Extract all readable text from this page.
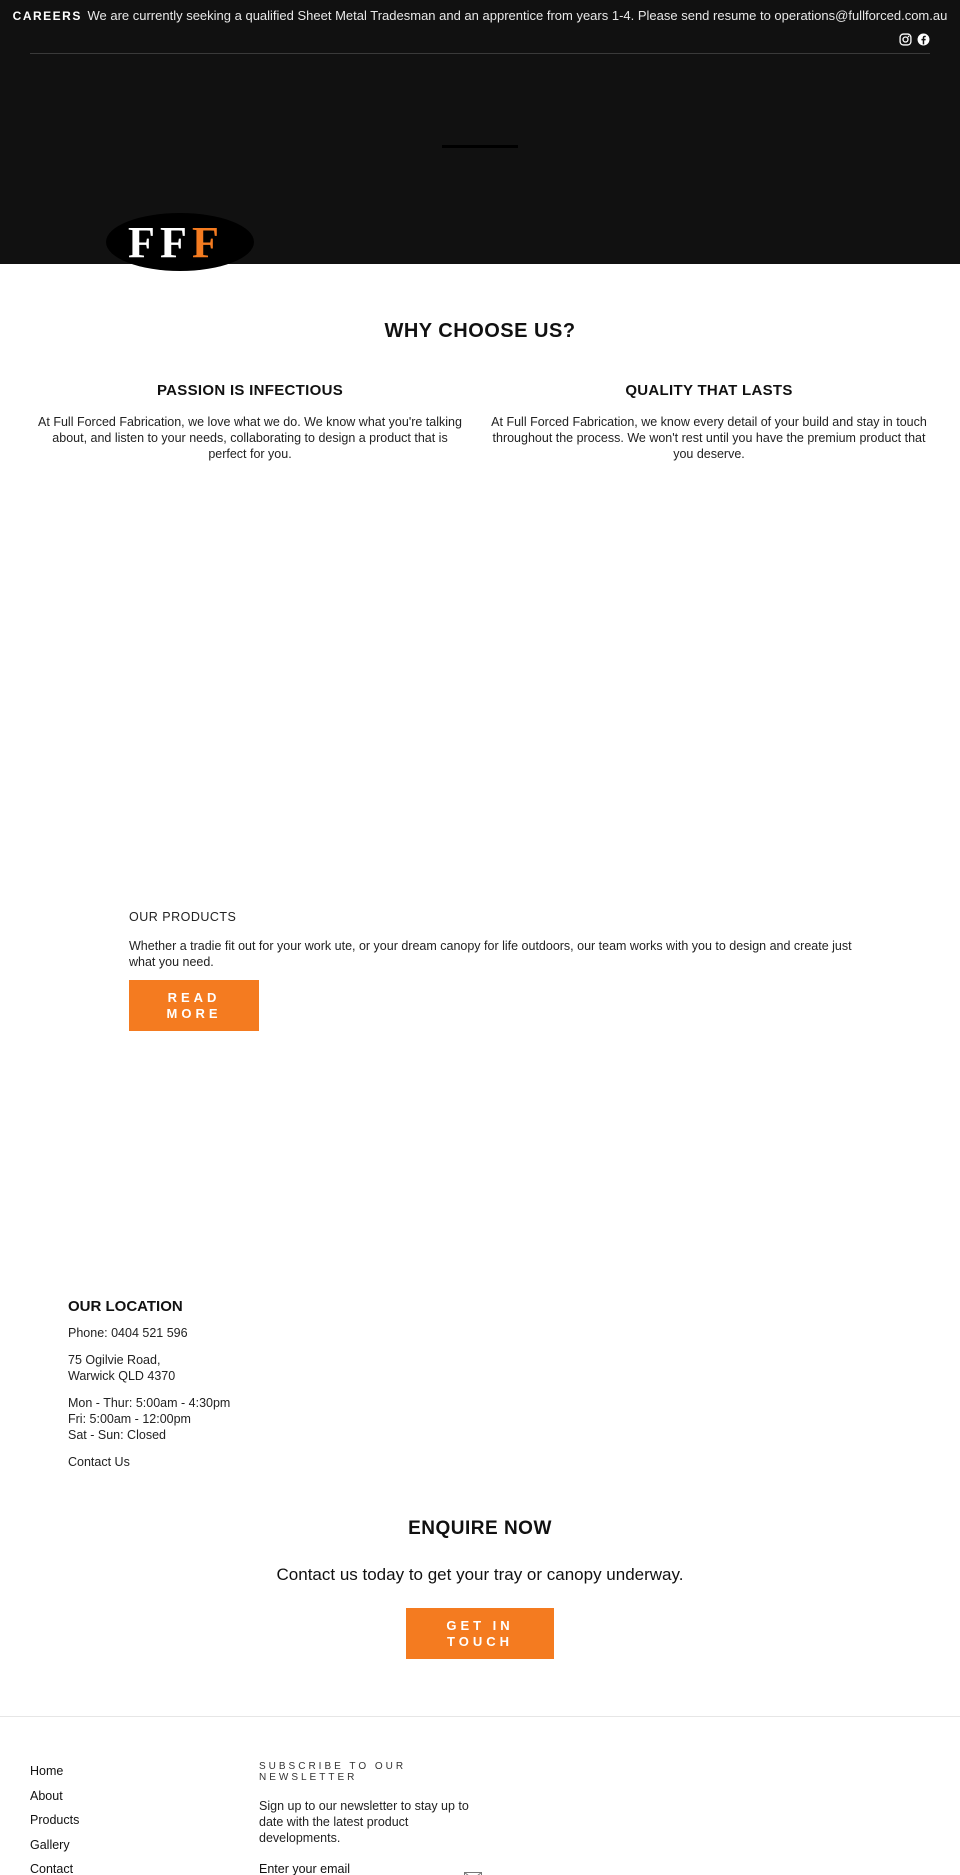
CAREERS We are currently seeking a qualified Sheet Metal Tradesman and an apprentice from years 1-4. Please send resume to operations@fullforced.com.au
F F F
WHY CHOOSE US?
PASSION IS INFECTIOUS

At Full Forced Fabrication, we love what we do. We know what you're talking about, and listen to your needs, collaborating to design a product that is perfect for you.

QUALITY THAT LASTS

At Full Forced Fabrication, we know every detail of your build and stay in touch throughout the process. We won't rest until you have the premium product that you deserve.

OUR PRODUCTS

Whether a tradie fit out for your work ute, or your dream canopy for life outdoors, our team works with you to design and create just what you need.

READ MORE
OUR LOCATION

Phone: 0404 521 596

75 Ogilvie Road,
Warwick QLD 4370

Mon - Thur: 5:00am - 4:30pm
Fri: 5:00am - 12:00pm
Sat - Sun: Closed

Contact Us

ENQUIRE NOW
Contact us today to get your tray or canopy underway.
GET IN TOUCH
Home
About
Products
Gallery
Contact
SUBSCRIBE TO OUR NEWSLETTER
Sign up to our newsletter to stay up to date with the latest product developments.
Enter your email
